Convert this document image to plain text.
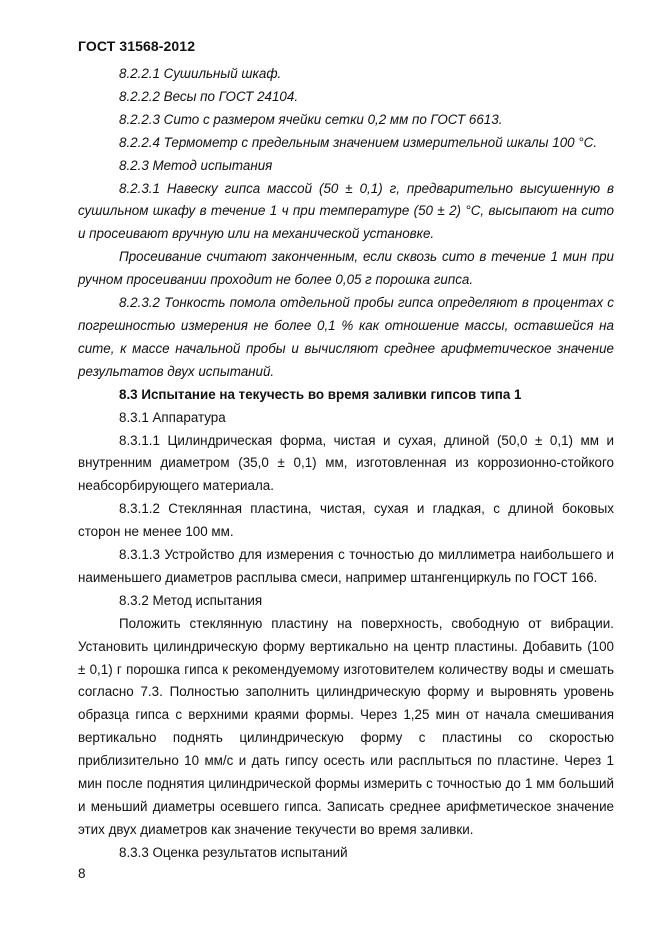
ГОСТ 31568-2012

8.2.2.1 Сушильный шкаф.

8.2.2.2 Весы по ГОСТ 24104.

8.2.2.3 Сито с размером ячейки сетки 0,2 мм по ГОСТ 6613.

8.2.2.4 Термометр с предельным значением измерительной шкалы 100 °С.

8.2.3 Метод испытания

8.2.3.1 Навеску гипса массой (50 ± 0,1) г, предварительно высушенную в сушильном шкафу в течение 1 ч при температуре (50 ± 2) °С, высыпают на сито и просеивают вручную или на механической установке.

Просеивание считают законченным, если сквозь сито в течение 1 мин при ручном просеивании проходит не более 0,05 г порошка гипса.

8.2.3.2 Тонкость помола отдельной пробы гипса определяют в процентах с погрешностью измерения не более 0,1 % как отношение массы, оставшейся на сите, к массе начальной пробы и вычисляют среднее арифметическое значение результатов двух испытаний.

8.3 Испытание на текучесть во время заливки гипсов типа 1

8.3.1 Аппаратура

8.3.1.1 Цилиндрическая форма, чистая и сухая, длиной (50,0 ± 0,1) мм и внутренним диаметром (35,0 ± 0,1) мм, изготовленная из коррозионно-стойкого неабсорбирующего материала.

8.3.1.2 Стеклянная пластина, чистая, сухая и гладкая, с длиной боковых сторон не менее 100 мм.

8.3.1.3 Устройство для измерения с точностью до миллиметра наибольшего и наименьшего диаметров расплыва смеси, например штангенциркуль по ГОСТ 166.

8.3.2 Метод испытания

Положить стеклянную пластину на поверхность, свободную от вибрации. Установить цилиндрическую форму вертикально на центр пластины. Добавить (100 ± 0,1) г порошка гипса к рекомендуемому изготовителем количеству воды и смешать согласно 7.3. Полностью заполнить цилиндрическую форму и выровнять уровень образца гипса с верхними краями формы. Через 1,25 мин от начала смешивания вертикально поднять цилиндрическую форму с пластины со скоростью приблизительно 10 мм/с и дать гипсу осесть или расплыться по пластине. Через 1 мин после поднятия цилиндрической формы измерить с точностью до 1 мм больший и меньший диаметры осевшего гипса. Записать среднее арифметическое значение этих двух диаметров как значение текучести во время заливки.

8.3.3 Оценка результатов испытаний

8
